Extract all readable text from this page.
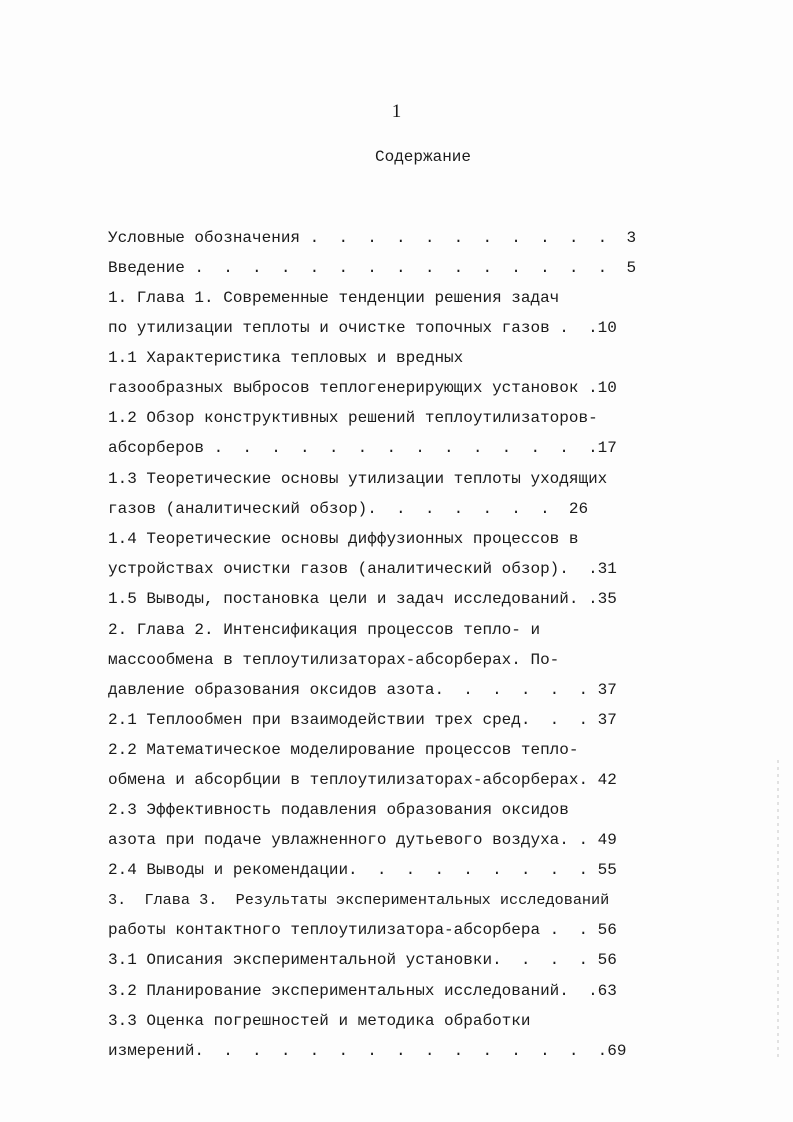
1
Содержание
Условные обозначения .  .  .  .  .  .  .  .  .  .  .  3
Введение .  .  .  .  .  .  .  .  .  .  .  .  .  .  .  5
1. Глава 1. Современные тенденции решения задач
по утилизации теплоты и очистке топочных газов .  .10
1.1 Характеристика тепловых и вредных
газообразных выбросов теплогенерирующих установок .10
1.2 Обзор конструктивных решений теплоутилизаторов-
абсорберов .  .  .  .  .  .  .  .  .  .  .  .  .  .17
1.3 Теоретические основы утилизации теплоты уходящих
газов (аналитический обзор).  .  .  .  .  .  .  26
1.4 Теоретические основы диффузионных процессов в
устройствах очистки газов (аналитический обзор).  .31
1.5 Выводы, постановка цели и задач исследований. .35
2. Глава 2. Интенсификация процессов тепло- и
массообмена в теплоутилизаторах-абсорберах. По-
давление образования оксидов азота.  .  .  .  .  . 37
2.1 Теплообмен при взаимодействии трех сред.  .  . 37
2.2 Математическое моделирование процессов тепло-
обмена и абсорбции в теплоутилизаторах-абсорберах. 42
2.3 Эффективность подавления образования оксидов
азота при подаче увлажненного дутьевого воздуха. . 49
2.4 Выводы и рекомендации.  .  .  .  .  .  .  .  . 55
3.  Глава 3.  Результаты экспериментальных исследований
работы контактного теплоутилизатора-абсорбера .  . 56
3.1 Описания экспериментальной установки.  .  .  . 56
3.2 Планирование экспериментальных исследований.  .63
3.3 Оценка погрешностей и методика обработки
измерений.  .  .  .  .  .  .  .  .  .  .  .  .  .  .69
